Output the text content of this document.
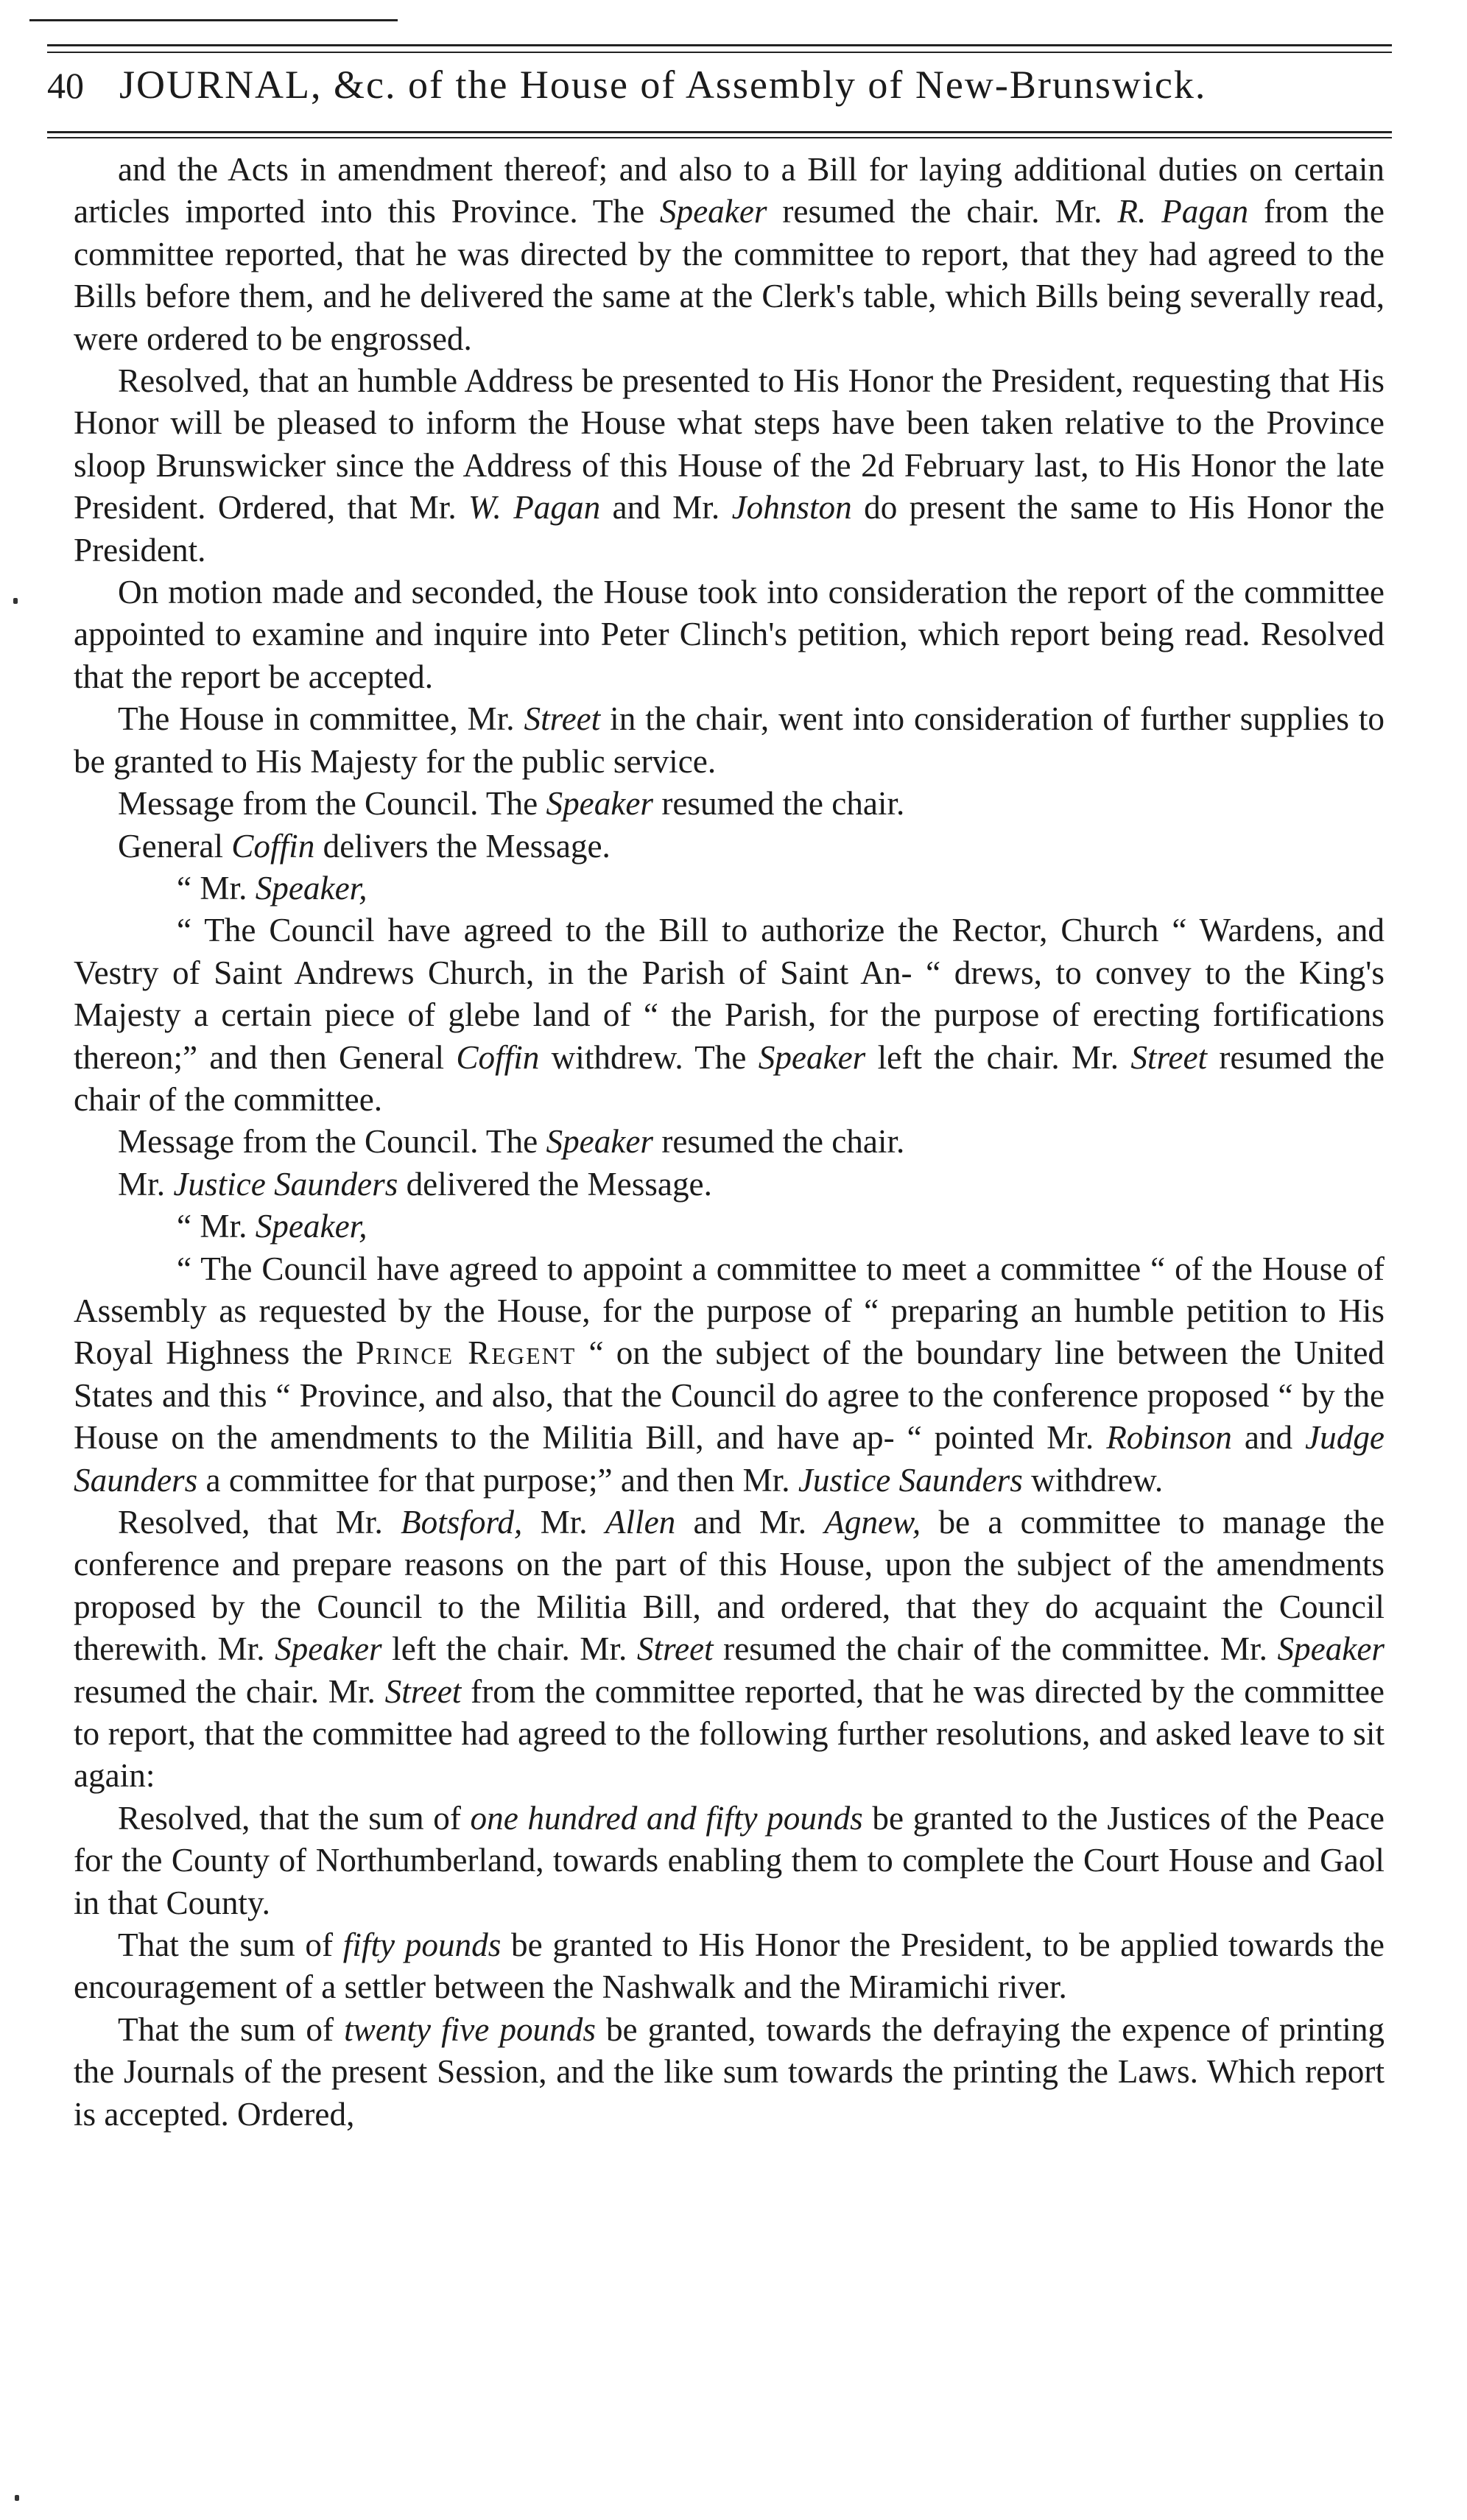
40 JOURNAL, &c. of the House of Assembly of New-Brunswick.

and the Acts in amendment thereof; and also to a Bill for laying additional duties on certain articles imported into this Province. The Speaker resumed the chair. Mr. R. Pagan from the committee reported, that he was directed by the committee to report, that they had agreed to the Bills before them, and he delivered the same at the Clerk's table, which Bills being severally read, were ordered to be engrossed.

Resolved, that an humble Address be presented to His Honor the President, requesting that His Honor will be pleased to inform the House what steps have been taken relative to the Province sloop Brunswicker since the Address of this House of the 2d February last, to His Honor the late President. Ordered, that Mr. W. Pagan and Mr. Johnston do present the same to His Honor the President.

On motion made and seconded, the House took into consideration the report of the committee appointed to examine and inquire into Peter Clinch's petition, which report being read. Resolved that the report be accepted.

The House in committee, Mr. Street in the chair, went into consideration of further supplies to be granted to His Majesty for the public service.

Message from the Council. The Speaker resumed the chair.

General Coffin delivers the Message.

“ Mr. Speaker,

“ The Council have agreed to the Bill to authorize the Rector, Church “ Wardens, and Vestry of Saint Andrews Church, in the Parish of Saint An- “ drews, to convey to the King's Majesty a certain piece of glebe land of “ the Parish, for the purpose of erecting fortifications thereon;” and then General Coffin withdrew. The Speaker left the chair. Mr. Street resumed the chair of the committee.

Message from the Council. The Speaker resumed the chair.

Mr. Justice Saunders delivered the Message.

“ Mr. Speaker,

“ The Council have agreed to appoint a committee to meet a committee “ of the House of Assembly as requested by the House, for the purpose of “ preparing an humble petition to His Royal Highness the Prince Regent “ on the subject of the boundary line between the United States and this “ Province, and also, that the Council do agree to the conference proposed “ by the House on the amendments to the Militia Bill, and have ap- “ pointed Mr. Robinson and Judge Saunders a committee for that purpose;” and then Mr. Justice Saunders withdrew.

Resolved, that Mr. Botsford, Mr. Allen and Mr. Agnew, be a committee to manage the conference and prepare reasons on the part of this House, upon the subject of the amendments proposed by the Council to the Militia Bill, and ordered, that they do acquaint the Council therewith. Mr. Speaker left the chair. Mr. Street resumed the chair of the committee. Mr. Speaker resumed the chair. Mr. Street from the committee reported, that he was directed by the committee to report, that the committee had agreed to the following further resolutions, and asked leave to sit again:

Resolved, that the sum of one hundred and fifty pounds be granted to the Justices of the Peace for the County of Northumberland, towards enabling them to complete the Court House and Gaol in that County.

That the sum of fifty pounds be granted to His Honor the President, to be applied towards the encouragement of a settler between the Nashwalk and the Miramichi river.

That the sum of twenty five pounds be granted, towards the defraying the expence of printing the Journals of the present Session, and the like sum towards the printing the Laws. Which report is accepted. Ordered,
